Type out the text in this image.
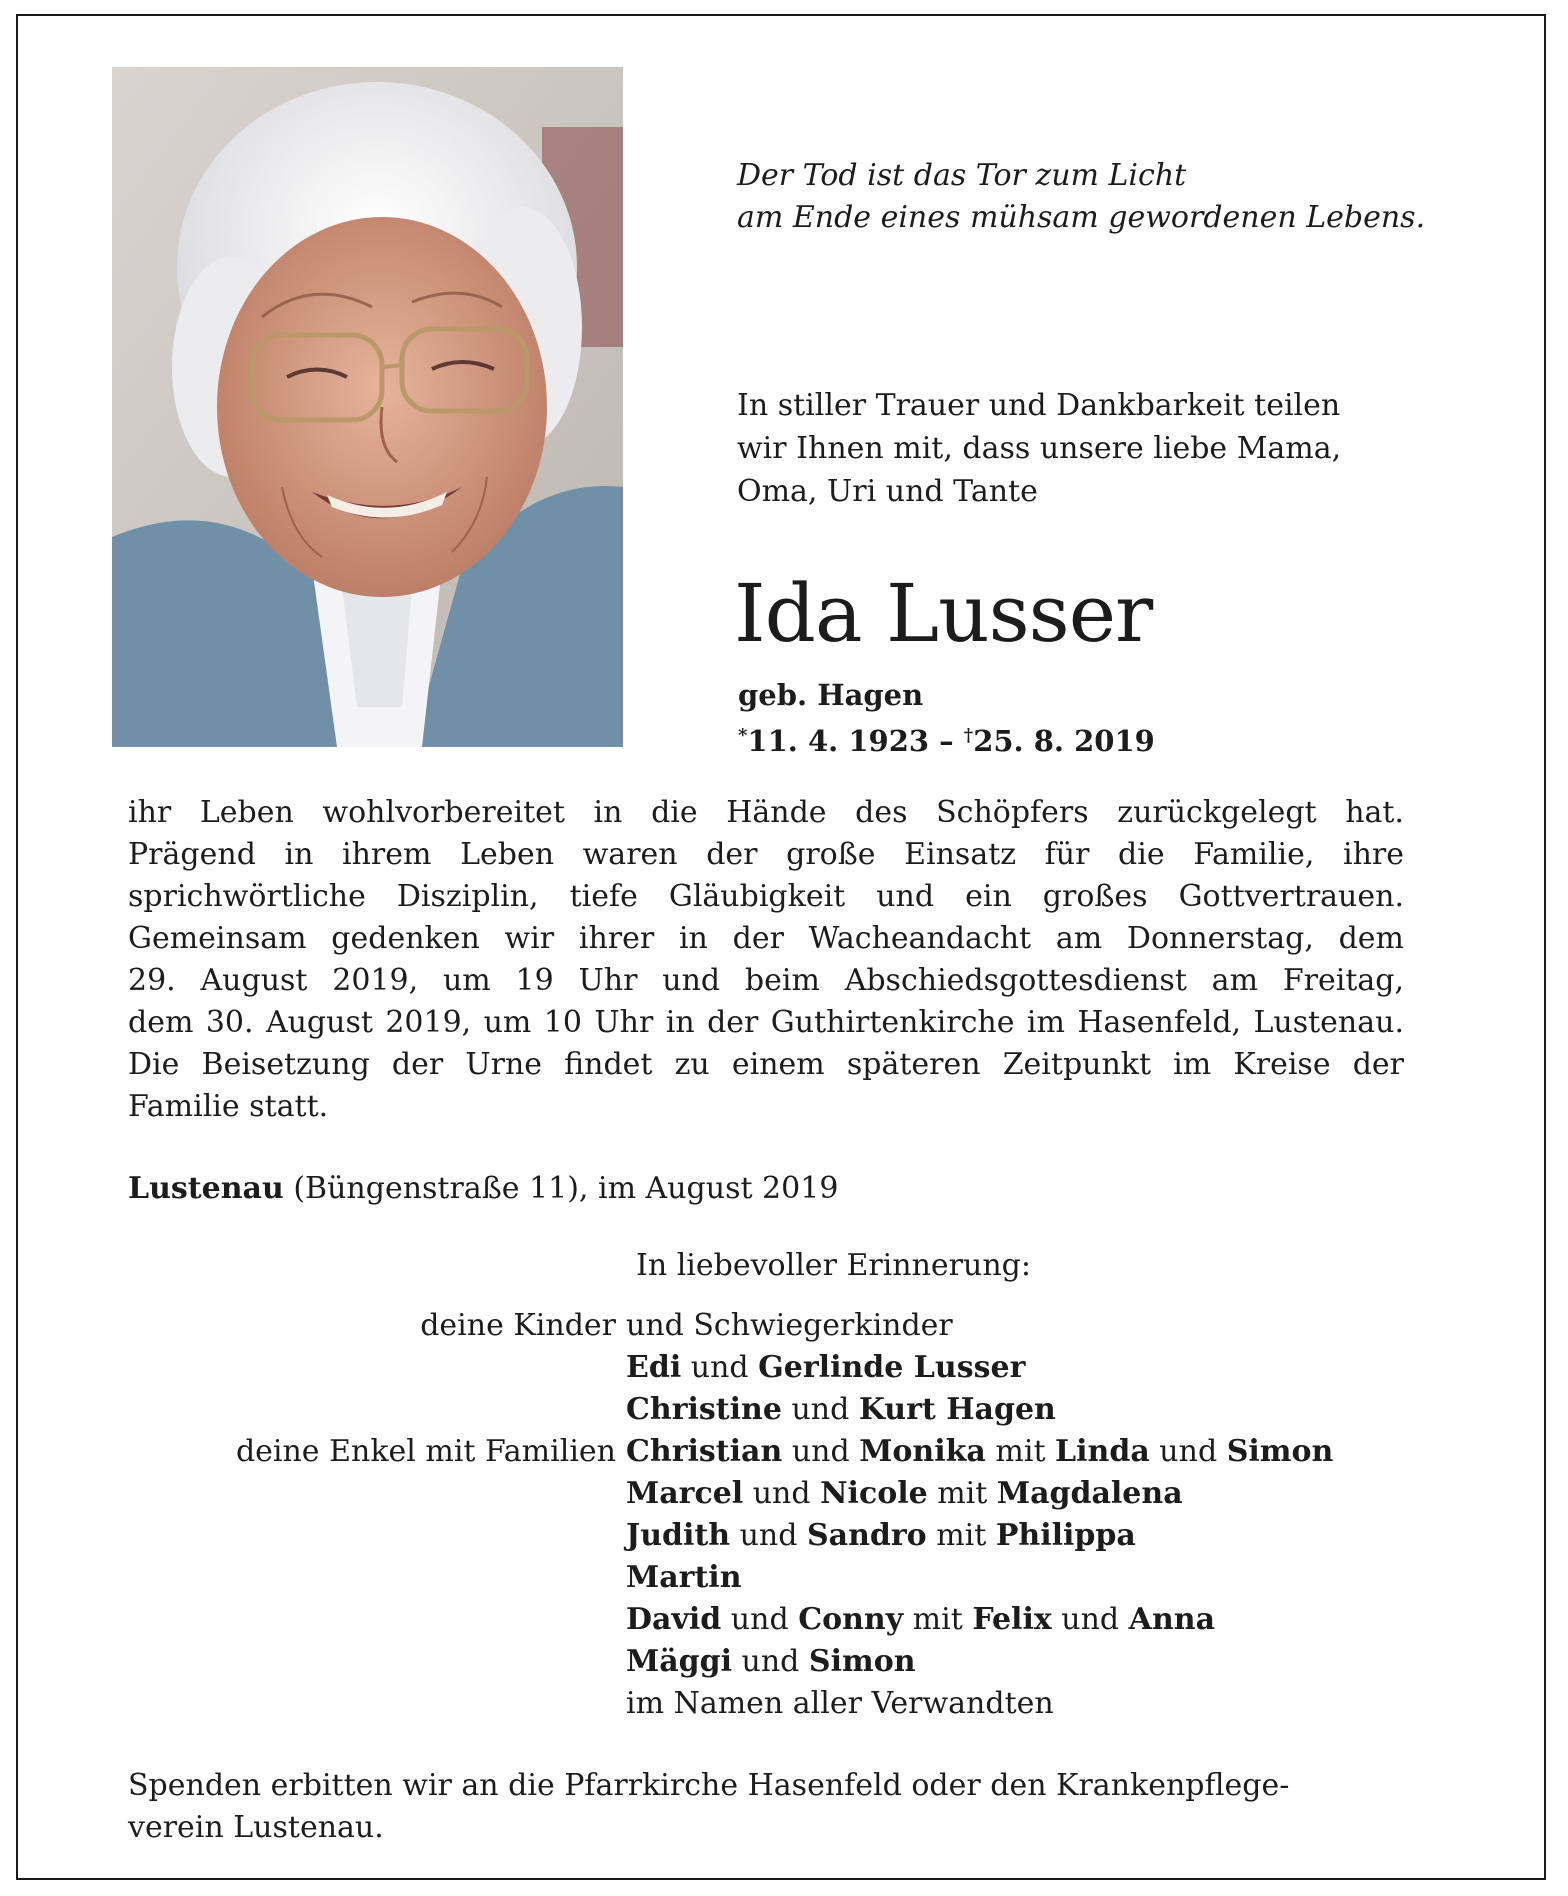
Der Tod ist das Tor zum Licht
am Ende eines mühsam gewordenen Lebens.
In stiller Trauer und Dankbarkeit teilen
wir Ihnen mit, dass unsere liebe Mama,
Oma, Uri und Tante
Ida Lusser
geb. Hagen
*11. 4. 1923 – †25. 8. 2019
ihr Leben wohlvorbereitet in die Hände des Schöpfers zurückgelegt hat.
Prägend in ihrem Leben waren der große Einsatz für die Familie, ihre
sprichwörtliche Disziplin, tiefe Gläubigkeit und ein großes Gottvertrauen.
Gemeinsam gedenken wir ihrer in der Wacheandacht am Donnerstag, dem
29. August 2019, um 19 Uhr und beim Abschiedsgottesdienst am Freitag,
dem 30. August 2019, um 10 Uhr in der Guthirtenkirche im Hasenfeld, Lustenau.
Die Beisetzung der Urne findet zu einem späteren Zeitpunkt im Kreise der
Familie statt.
Lustenau (Büngenstraße 11), im August 2019
In liebevoller Erinnerung:
deine Kinder und Schwiegerkinder
Edi und Gerlinde Lusser
Christine und Kurt Hagen
deine Enkel mit Familien Christian und Monika mit Linda und Simon
Marcel und Nicole mit Magdalena
Judith und Sandro mit Philippa
Martin
David und Conny mit Felix und Anna
Mäggi und Simon
im Namen aller Verwandten
Spenden erbitten wir an die Pfarrkirche Hasenfeld oder den Krankenpflege-
verein Lustenau.
